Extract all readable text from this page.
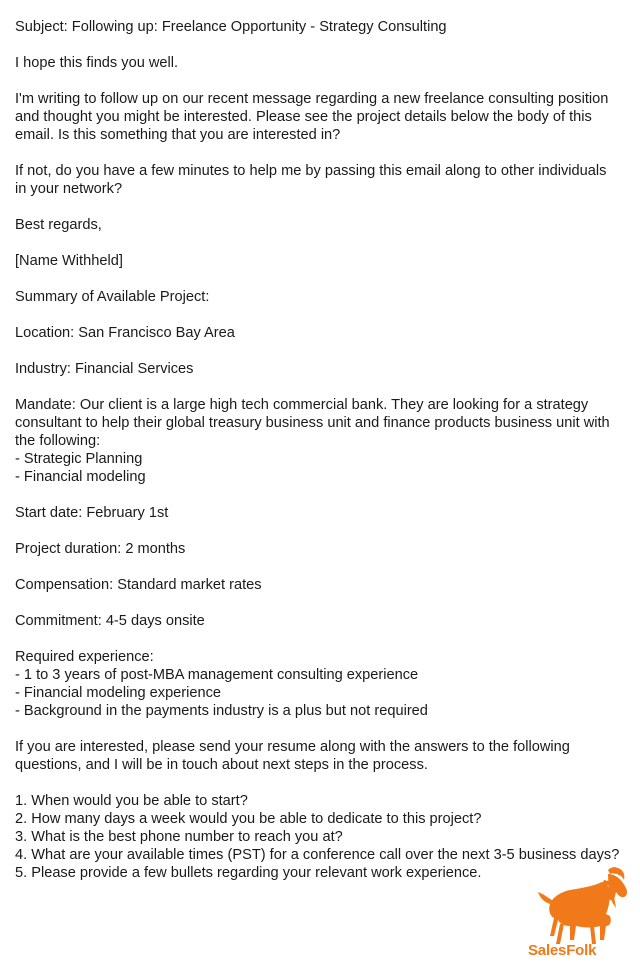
Subject: Following up: Freelance Opportunity - Strategy Consulting
I hope this finds you well.
I'm writing to follow up on our recent message regarding a new freelance consulting position
and thought you might be interested. Please see the project details below the body of this
email. Is this something that you are interested in?
If not, do you have a few minutes to help me by passing this email along to other individuals
in your network?
Best regards,
[Name Withheld]
Summary of Available Project:
Location: San Francisco Bay Area
Industry: Financial Services
Mandate: Our client is a large high tech commercial bank. They are looking for a strategy
consultant to help their global treasury business unit and finance products business unit with
the following:
- Strategic Planning
- Financial modeling
Start date: February 1st
Project duration: 2 months
Compensation: Standard market rates
Commitment: 4-5 days onsite
Required experience:
- 1 to 3 years of post-MBA management consulting experience
- Financial modeling experience
- Background in the payments industry is a plus but not required
If you are interested, please send your resume along with the answers to the following
questions, and I will be in touch about next steps in the process.
1. When would you be able to start?
2. How many days a week would you be able to dedicate to this project?
3. What is the best phone number to reach you at?
4. What are your available times (PST) for a conference call over the next 3-5 business days?
5. Please provide a few bullets regarding your relevant work experience.
SalesFolk
